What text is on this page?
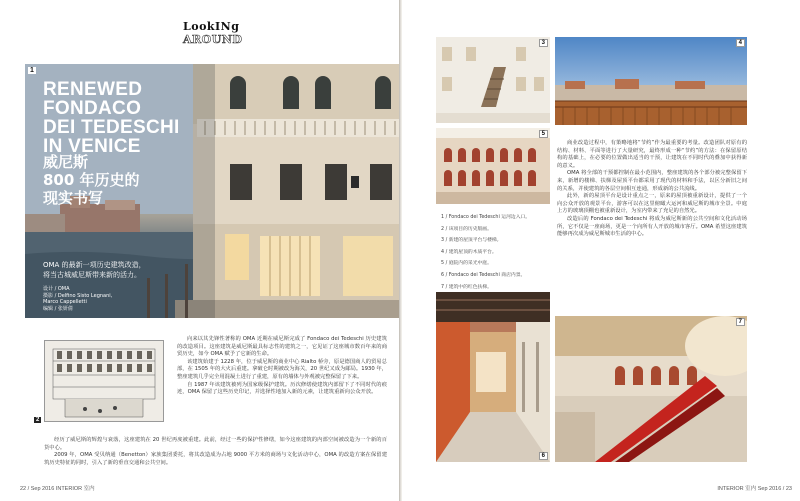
LookINg
AROUND
1
RENEWED
FONDACO
DEI TEDESCHI
IN VENICE
威尼斯
800 年历史的
现实书写
OMA 的最新一项历史建筑改造，
将当古城威尼斯带来新的活力。
设计 / OMA
摄影 / Delfino Sisto Legnani,
Marco Cappelletti
编辑 / 张妍倩
2

向来以其先锋性著称的 OMA 近期在威尼斯完成了 Fondaco dei Tedeschi 历史建筑的改造项目。这座建筑是威尼斯最具标志性的建筑之一，它见证了这座城市数百年来的商贸历史，如今 OMA 赋予了它新的生命。

该建筑始建于 1228 年，位于威尼斯的商业中心 Rialto 桥旁，原是德国商人的贸易总部，在 1505 年的大火后重建。拿破仑时期被改为海关，20 世纪又成为邮局。1930 年，整座建筑几乎完全用混凝土进行了重建，原有的墙体与外观被完整保留了下来。

自 1987 年该建筑被列为国家级保护建筑。历次修缮使建筑内部留下了不同时代的痕迹，OMA 保留了这些历史印记，并选择性地加入新的元素，让建筑重新向公众开放。

经历了威尼斯的辉煌与衰落，这座建筑在 20 世纪再度被重建。此前，经过一些的保护性修缮，如今这座建筑的内部空间被改造为一个新的百货中心。

2009 年，OMA 受贝纳通（Benetton）家族集团委托，将其改造成为占地 9000 平方米的商场与文化活动中心，OMA 的改造方案在保留建筑历史特征的同时，引入了新的垂直交通和公共空间。

22 / Sep 2016 INTERIOR 室内	INTERIOR 室内 Sep 2016 / 23
3	4
5
1 / Fondaco dei Tedeschi 运河边入口。
2 / 该项目的历史版画。
3 / 新建的屋顶平台与楼梯。
4 / 建筑屋顶的木质平台。
5 / 庭院内的采光中庭。
6 / Fondaco dei Tedeschi 商店内景。
7 / 建筑中的红色扶梯。

商业改造过程中，有策略地将“节约”作为最重要的考量。改造团队对原有的结构、材料、平面等进行了大量研究，最终形成一种“节约”的方法：在保留原结构的基础上，在必要的位置做出适当的干预，让建筑在不同时代的叠加中获得新的意义。

OMA 将全部的干预都控制在最小范围内，整座建筑的各个部分被完整保留下来，新增的楼梯、扶梯及屋顶平台都采用了现代的材料和手法，以区分新旧之间的关系，并使建筑的各层空间相互连通，形成新的公共流线。

此外，新的屋顶平台是设计重点之一，原来的屋顶被重新设计，提供了一个向公众开放的观景平台，游客可以在这里俯瞰大运河和威尼斯的城市全景。中庭上方的玻璃顶棚也被重新设计，为室内带来了充足的自然光。

改造后的 Fondaco dei Tedeschi 将成为威尼斯新的公共空间和文化活动场所，它不仅是一座商场，更是一个向所有人开放的城市客厅。OMA 希望这座建筑能够再次成为威尼斯城市生活的中心。

6
7
